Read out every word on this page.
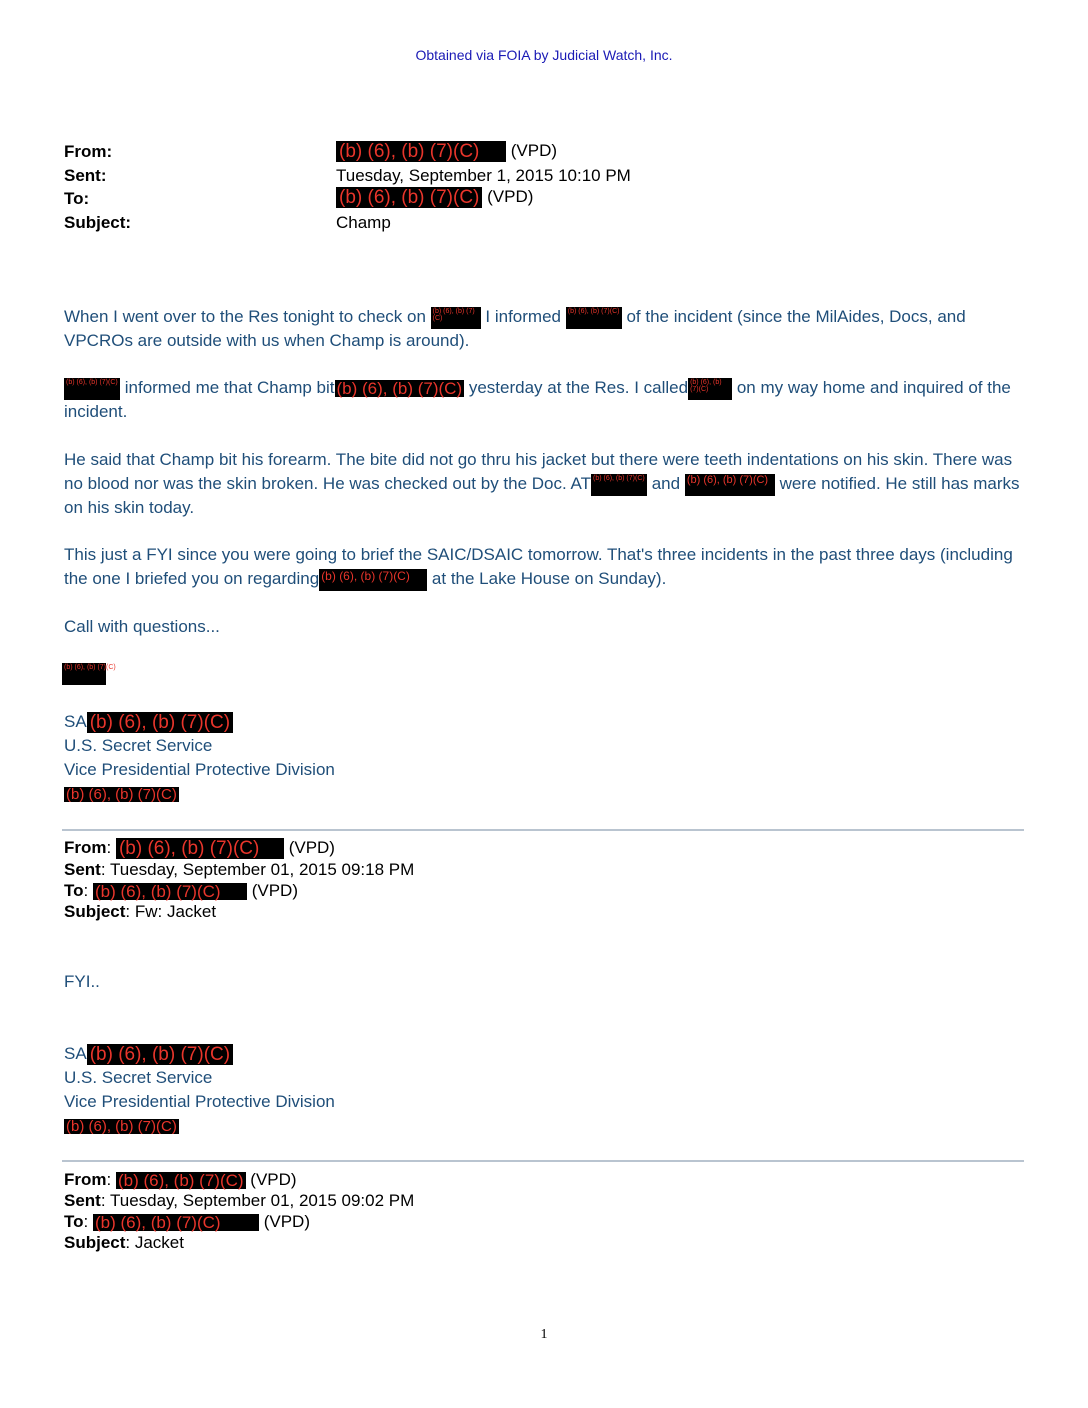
Obtained via FOIA by Judicial Watch, Inc.
From:	(b) (6), (b) (7)(C) (VPD)
Sent:	Tuesday, September 1, 2015 10:10 PM
To:	(b) (6), (b) (7)(C) (VPD)
Subject:	Champ
When I went over to the Res tonight to check on (b) (6), (b) (7)(C)	I informed (b) (6), (b) (7)(C) of the incident (since the MilAides, Docs, and VPCROs are outside with us when Champ is around).
(b) (6), (b) (7)(C) informed me that Champ bit (b) (6), (b) (7)(C) yesterday at the Res. I called (b) (6), (b) (7)(C) on my way home and inquired of the incident.
He said that Champ bit his forearm. The bite did not go thru his jacket but there were teeth indentations on his skin. There was no blood nor was the skin broken. He was checked out by the Doc. AT (b) (6), (b) (7)(C) and (b) (6), (b) (7)(C) were notified. He still has marks on his skin today.
This just a FYI since you were going to brief the SAIC/DSAIC tomorrow. That's three incidents in the past three days (including the one I briefed you on regarding (b) (6), (b) (7)(C) at the Lake House on Sunday).
Call with questions...
(b) (6), (b) (7)(C)
SA (b) (6), (b) (7)(C)
U.S. Secret Service
Vice Presidential Protective Division
(b) (6), (b) (7)(C)
From: (b) (6), (b) (7)(C) (VPD)
Sent: Tuesday, September 01, 2015 09:18 PM
To: (b) (6), (b) (7)(C) (VPD)
Subject: Fw: Jacket
FYI..
SA (b) (6), (b) (7)(C)
U.S. Secret Service
Vice Presidential Protective Division
(b) (6), (b) (7)(C)
From: (b) (6), (b) (7)(C) (VPD)
Sent: Tuesday, September 01, 2015 09:02 PM
To: (b) (6), (b) (7)(C)	(VPD)
Subject: Jacket
1
